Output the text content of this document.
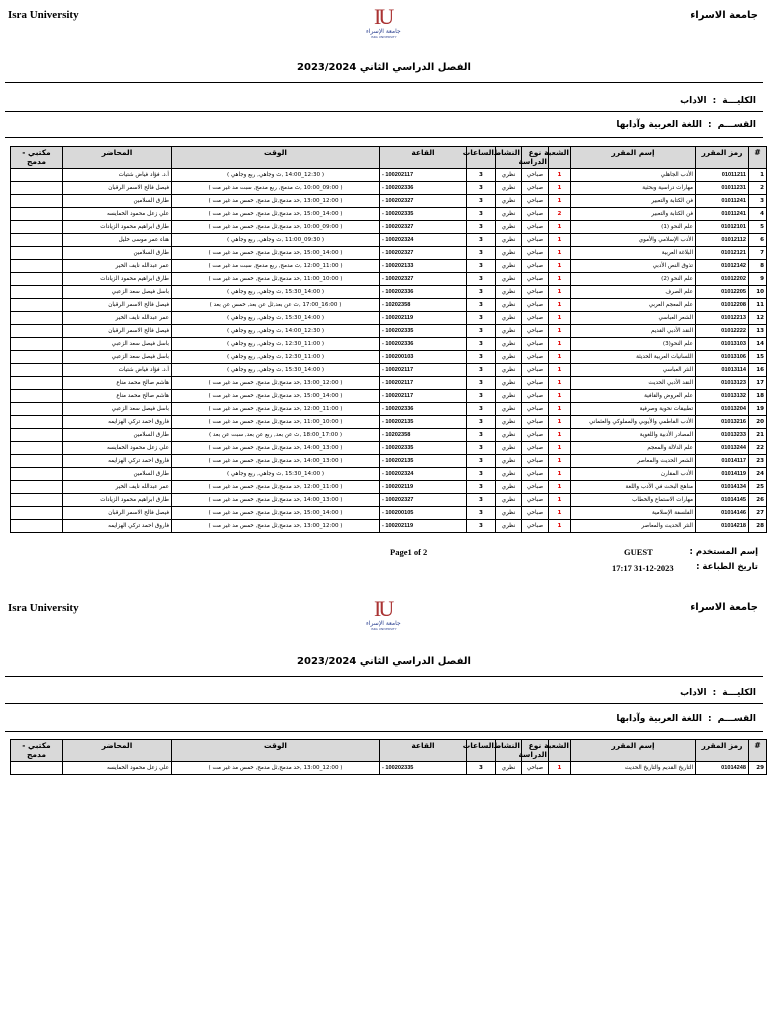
Isra University	IU
جامعة الإسراء
ISRA UNIVERSITY
جامعة الاسراء
الفصل الدراسي الثاني 2023/2024
الكليـــة:الاداب
القســـم:اللغة العربية وآدابها
#	رمز المقرر	إسم المقرر	الشعبة	نوع الدراسة	النشاط	الساعات	القاعة	الوقت	المحاضر	مكتبي - مدمج
1	01011211	الأدب الجاهلي	1	صباحي	نظري	3	100202117 -	( 12:30_14:00 ,ث وجاهي, ربع وجاهي )	أ.د. فؤاد فياض شتيات	
2	01011231	مهارات دراسية وبحثية	1	صباحي	نظري	3	100202336 -	( 09:00_10:00 ,ث مدمج, ربع مدمج, سبت مد غير مت )	فيصل فالح الاسمر الرقبان	
3	01011241	فن الكتابة والتعبير	1	صباحي	نظري	3	100202327 -	( 12:00_13:00 ,حد مدمج,ثل مدمج, خمس مد غير مت )	طارق السلامين	
4	01011241	فن الكتابة والتعبير	2	صباحي	نظري	3	100202335 -	( 14:00_15:00 ,حد مدمج,ثل مدمج, خمس مد غير مت )	علي زعل محمود الخمايسه	
5	01012101	علم النحو (1)	1	صباحي	نظري	3	100202327 -	( 09:00_10:00 ,حد مدمج,ثل مدمج, خمس مد غير مت )	طارق ابراهيم محمود الزيادات	
6	01012112	الأدب الإسلامي والأموي	1	صباحي	نظري	3	100202324 -	( 09:30_11:00 ,ث وجاهي, ربع وجاهي )	هناء عمر موسى خليل	
7	01012121	البلاغة العربية	1	صباحي	نظري	3	100202327 -	( 14:00_15:00 ,حد مدمج,ثل مدمج, خمس مد غير مت )	طارق السلامين	
8	01012142	تذوق النص الأدبي	1	صباحي	نظري	3	100202133 -	( 11:00_12:00 ,ث مدمج, ربع مدمج, سبت مد غير مت )	عمر عبدالله نايف الخير	
9	01012202	علم النحو (2)	1	صباحي	نظري	3	100202327 -	( 10:00_11:00 ,حد مدمج,ثل مدمج, خمس مد غير مت )	طارق ابراهيم محمود الزيادات	
10	01012205	علم الصرف	1	صباحي	نظري	3	100202336 -	( 14:00_15:30 ,ث وجاهي, ربع وجاهي )	باسل فيصل سعد الزعبي	
11	01012208	علم المعجم العربي	1	صباحي	نظري	3	10202358 -	( 16:00_17:00 ,ث عن بعد,ثل عن بعد, خمس عن بعد )	فيصل فالح الاسمر الرقبان	
12	01012213	الشعر العباسي	1	صباحي	نظري	3	100202119 -	( 14:00_15:30 ,ث وجاهي, ربع وجاهي )	عمر عبدالله نايف الخير	
13	01012222	النقد الأدبي القديم	1	صباحي	نظري	3	100202335 -	( 12:30_14:00 ,ث وجاهي, ربع وجاهي )	فيصل فالح الاسمر الرقبان	
14	01013103	علم النحو(3)	1	صباحي	نظري	3	100202336 -	( 11:00_12:30 ,ث وجاهي, ربع وجاهي )	باسل فيصل سعد الزعبي	
15	01013106	اللسانيات العربية الحديثة	1	صباحي	نظري	3	100200103 -	( 11:00_12:30 ,ث وجاهي, ربع وجاهي )	باسل فيصل سعد الزعبي	
16	01013114	النثر العباسي	1	صباحي	نظري	3	100202117 -	( 14:00_15:30 ,ث وجاهي, ربع وجاهي )	أ.د. فؤاد فياض شتيات	
17	01013123	النقد الأدبي الحديث	1	صباحي	نظري	3	100202117 -	( 12:00_13:00 ,حد مدمج,ثل مدمج, خمس مد غير مت )	هاشم صالح محمد مناع	
18	01013132	علم العروض والقافية	1	صباحي	نظري	3	100202117 -	( 14:00_15:00 ,حد مدمج,ثل مدمج, خمس مد غير مت )	هاشم صالح محمد مناع	
19	01013204	تطبيقات نحوية وصرفية	1	صباحي	نظري	3	100202336 -	( 11:00_12:00 ,حد مدمج,ثل مدمج, خمس مد غير مت )	باسل فيصل سعد الزعبي	
20	01013216	الأدب الفاطمي والأيوبي والمملوكي والعثماني	1	صباحي	نظري	3	100202135 -	( 10:00_11:00 ,حد مدمج,ثل مدمج, خمس مد غير مت )	فاروق احمد تركي الهزايمه	
21	01013233	المصادر الأدبية واللغوية	1	صباحي	نظري	3	10202358 -	( 17:00_18:00 ,ث عن بعد, ربع عن بعد, سبت عن بعد )	طارق السلامين	
22	01013244	علم الدلالة والمعجم	1	صباحي	نظري	3	100202335 -	( 13:00_14:00 ,حد مدمج,ثل مدمج, خمس مد غير مت )	علي زعل محمود الخمايسه	
23	01014117	الشعر الحديث والمعاصر	1	صباحي	نظري	3	100202135 -	( 13:00_14:00 ,حد مدمج,ثل مدمج, خمس مد غير مت )	فاروق احمد تركي الهزايمه	
24	01014119	الأدب المقارن	1	صباحي	نظري	3	100202324 -	( 14:00_15:30 ,ث وجاهي, ربع وجاهي )	طارق السلامين	
25	01014134	مناهج البحث في الأدب واللغة	1	صباحي	نظري	3	100202119 -	( 11:00_12:00 ,حد مدمج,ثل مدمج, خمس مد غير مت )	عمر عبدالله نايف الخير	
26	01014145	مهارات الاستماع والخطاب	1	صباحي	نظري	3	100202327 -	( 13:00_14:00 ,حد مدمج,ثل مدمج, خمس مد غير مت )	طارق ابراهيم محمود الزيادات	
27	01014146	الفلسفة الإسلامية	1	صباحي	نظري	3	100200105 -	( 14:00_15:00 ,حد مدمج,ثل مدمج, خمس مد غير مت )	فيصل فالح الاسمر الرقبان	
28	01014218	النثر الحديث والمعاصر	1	صباحي	نظري	3	100202119 -	( 12:00_13:00 ,حد مدمج,ثل مدمج, خمس مد غير مت )	فاروق احمد تركي الهزايمه	
Page1 of 2	إسم المستخدم :
GUEST
تاريخ الطباعة :
17:17 31-12-2023
Isra University	IU
جامعة الإسراء
ISRA UNIVERSITY
جامعة الاسراء
الفصل الدراسي الثاني 2023/2024
الكليـــة:الاداب
القســـم:اللغة العربية وآدابها
#	رمز المقرر	إسم المقرر	الشعبة	نوع الدراسة	النشاط	الساعات	القاعة	الوقت	المحاضر	مكتبي - مدمج
29	01014248	التاريخ القديم والتاريخ الحديث	1	صباحي	نظري	3	100202335 -	( 12:00_13:00 ,حد مدمج,ثل مدمج, خمس مد غير مت )	علي زعل محمود الخمايسه	
